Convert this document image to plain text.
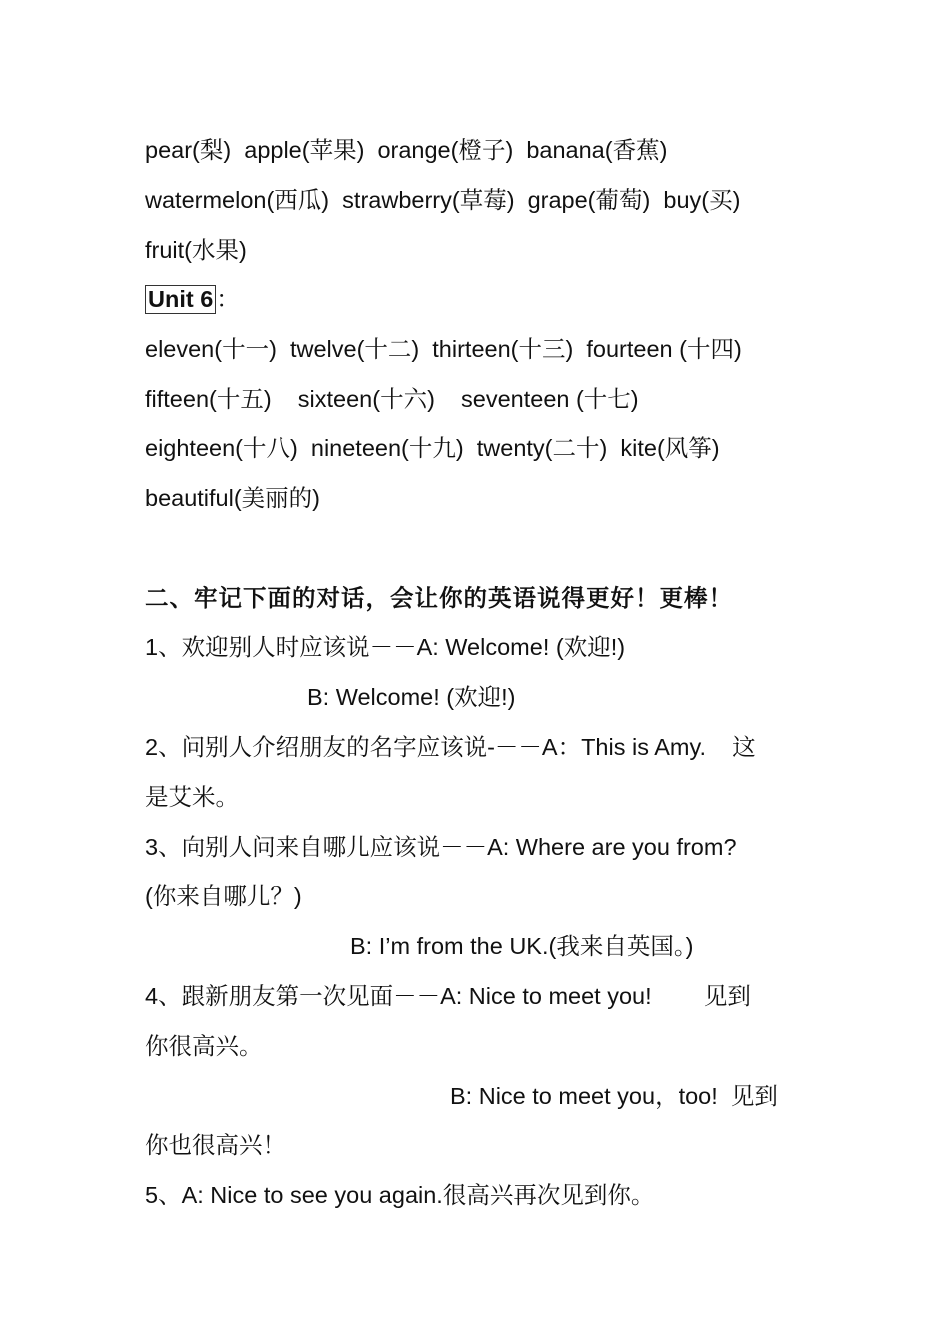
pear(梨)  apple(苹果)  orange(橙子)  banana(香蕉)
watermelon(西瓜)  strawberry(草莓)  grape(葡萄)  buy(买)
fruit(水果)
Unit 6 ：
eleven(十一)  twelve(十二)  thirteen(十三)  fourteen (十四)
fifteen(十五)    sixteen(十六)    seventeen (十七)
eighteen(十八)  nineteen(十九)  twenty(二十)  kite(风筝)
beautiful(美丽的)
二、牢记下面的对话，会让你的英语说得更好！更棒！
1、欢迎别人时应该说－－A: Welcome! (欢迎!)
B: Welcome! (欢迎!)
2、问别人介绍朋友的名字应该说-－－A：This is Amy.    这
是艾米。
3、向别人问来自哪儿应该说－－A: Where are you from?
(你来自哪儿？)
B: I’m from the UK.(我来自英国。)
4、跟新朋友第一次见面－－A: Nice to meet you!        见到
你很高兴。
B: Nice to meet you，too!  见到
你也很高兴！
5、A: Nice to see you again.很高兴再次见到你。
